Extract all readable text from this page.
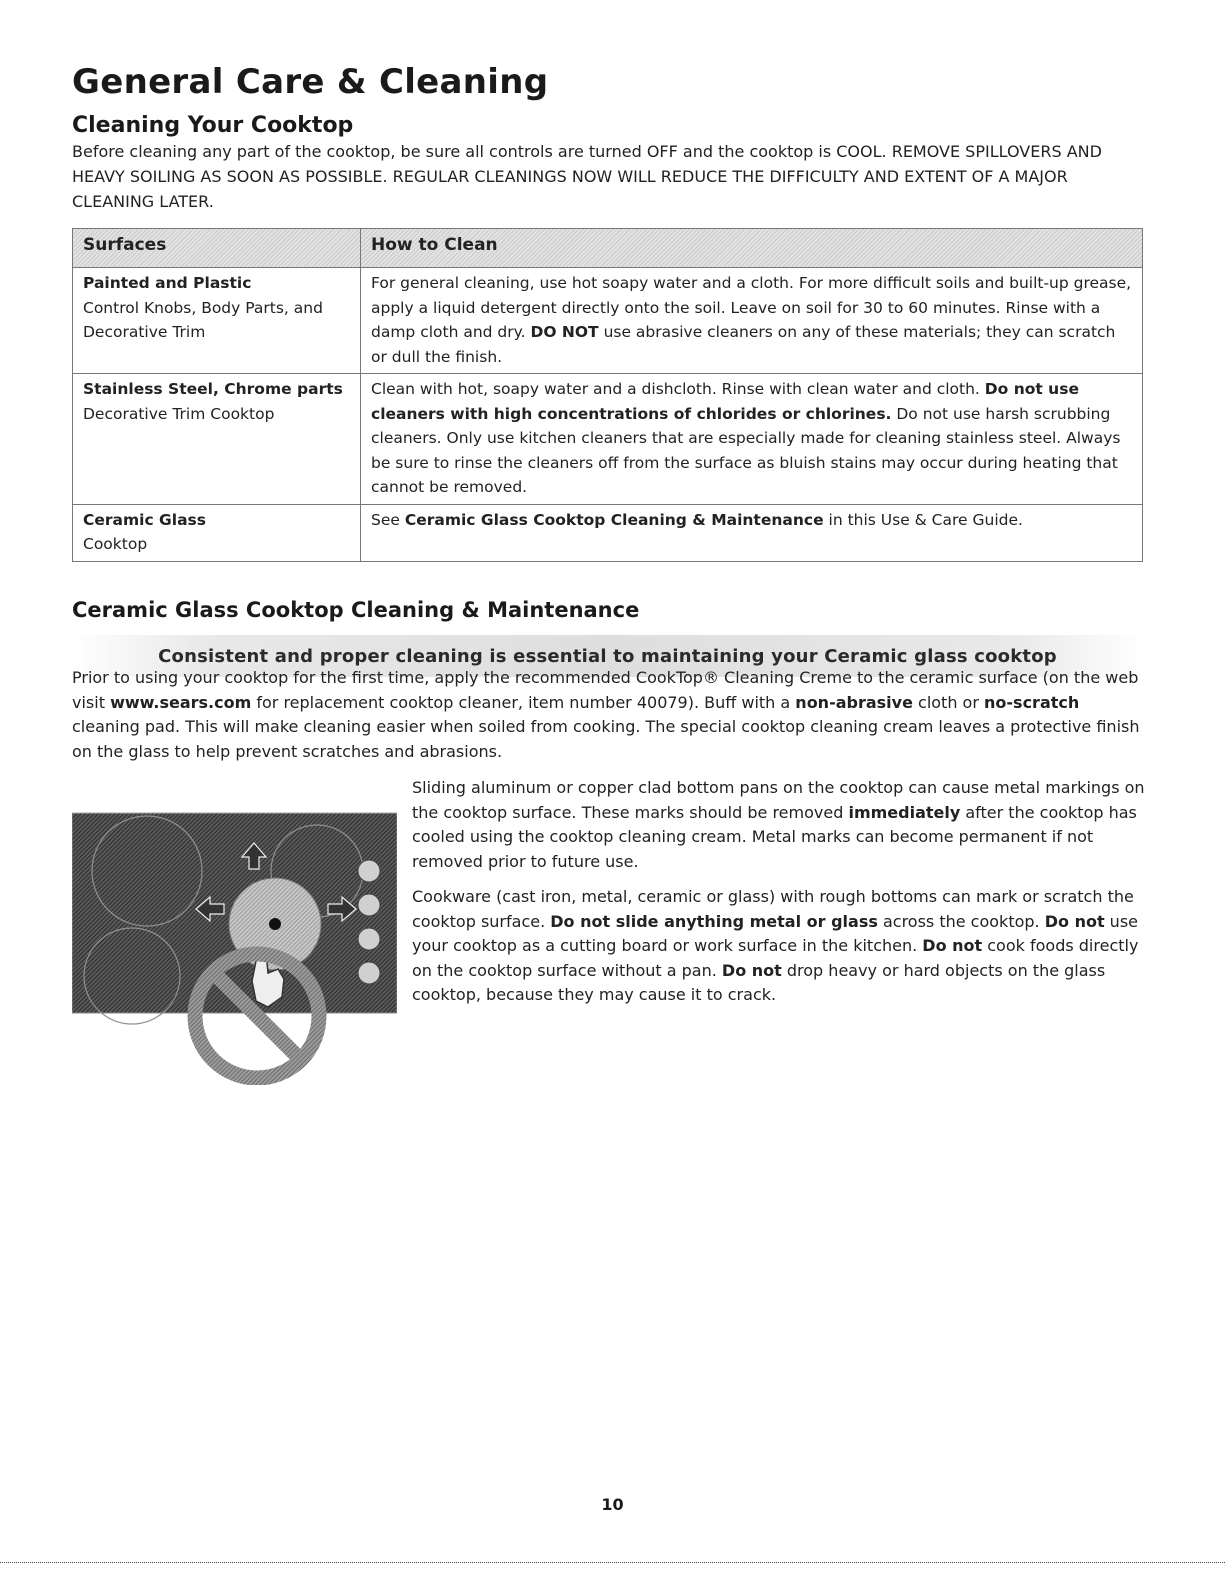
General Care & Cleaning
Cleaning Your Cooktop

Before cleaning any part of the cooktop, be sure all controls are turned OFF and the cooktop is COOL. REMOVE SPILLOVERS AND HEAVY SOILING AS SOON AS POSSIBLE. REGULAR CLEANINGS NOW WILL REDUCE THE DIFFICULTY AND EXTENT OF A MAJOR CLEANING LATER.

Surfaces	How to Clean

Painted and Plastic
Control Knobs, Body Parts, and Decorative Trim	For general cleaning, use hot soapy water and a cloth. For more difficult soils and built-up grease, apply a liquid detergent directly onto the soil. Leave on soil for 30 to 60 minutes. Rinse with a damp cloth and dry. DO NOT use abrasive cleaners on any of these materials; they can scratch or dull the finish.

Stainless Steel, Chrome parts
Decorative Trim Cooktop	Clean with hot, soapy water and a dishcloth. Rinse with clean water and cloth. Do not use cleaners with high concentrations of chlorides or chlorines. Do not use harsh scrubbing cleaners. Only use kitchen cleaners that are especially made for cleaning stainless steel. Always be sure to rinse the cleaners off from the surface as bluish stains may occur during heating that cannot be removed.

Ceramic Glass
Cooktop	See Ceramic Glass Cooktop Cleaning & Maintenance in this Use & Care Guide.
Ceramic Glass Cooktop Cleaning & Maintenance
Consistent and proper cleaning is essential to maintaining your Ceramic glass cooktop

Prior to using your cooktop for the first time, apply the recommended CookTop® Cleaning Creme to the ceramic surface (on the web visit www.sears.com for replacement cooktop cleaner, item number 40079). Buff with a non-abrasive cloth or no-scratch cleaning pad. This will make cleaning easier when soiled from cooking. The special cooktop cleaning cream leaves a protective finish on the glass to help prevent scratches and abrasions.

Sliding aluminum or copper clad bottom pans on the cooktop can cause metal markings on the cooktop surface. These marks should be removed immediately after the cooktop has cooled using the cooktop cleaning cream. Metal marks can become permanent if not removed prior to future use.

Cookware (cast iron, metal, ceramic or glass) with rough bottoms can mark or scratch the cooktop surface. Do not slide anything metal or glass across the cooktop. Do not use your cooktop as a cutting board or work surface in the kitchen. Do not cook foods directly on the cooktop surface without a pan. Do not drop heavy or hard objects on the glass cooktop, because they may cause it to crack.

10
